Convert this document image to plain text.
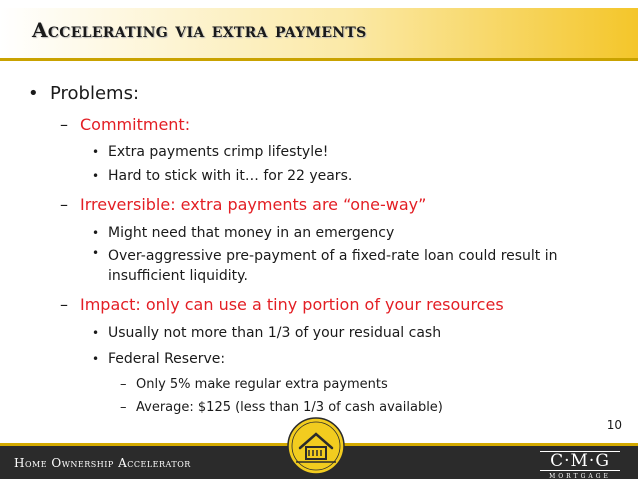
Accelerating via extra payments
• Problems:
– Commitment:
• Extra payments crimp lifestyle!
• Hard to stick with it… for 22 years.
– Irreversible: extra payments are “one-way”
• Might need that money in an emergency
• Over-aggressive pre-payment of a fixed-rate loan could result in insufficient liquidity.
– Impact: only can use a tiny portion of your resources
• Usually not more than 1/3 of your residual cash
• Federal Reserve:
– Only 5% make regular extra payments
– Average: $125 (less than 1/3 of cash available)
10
Home Ownership Accelerator	C·M·G
MORTGAGE
